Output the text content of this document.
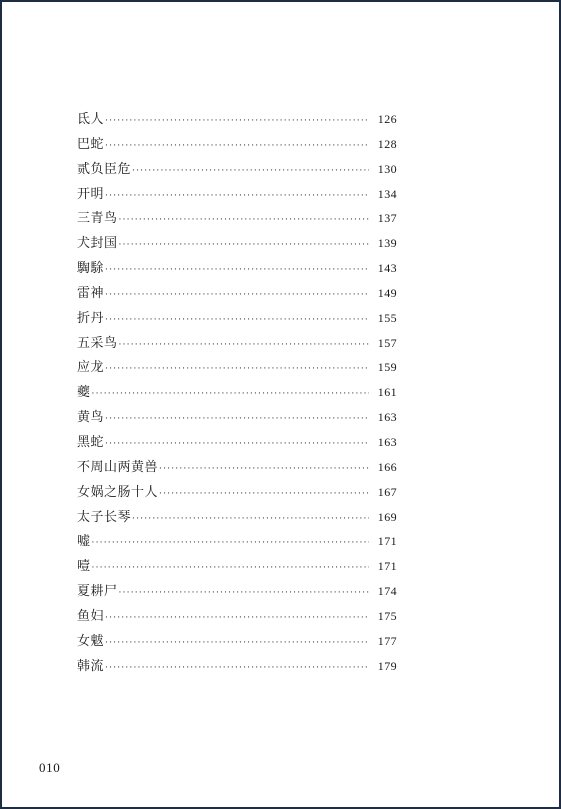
氐人 ·····	126
巴蛇 ·····	128
贰负臣危 ·····	130
开明 ·····	134
三青鸟 ·····	137
犬封国 ·····	139
騊駼 ·····	143
雷神 ·····	149
折丹 ·····	155
五采鸟 ·····	157
应龙 ·····	159
夔 ·····	161
黄鸟 ·····	163
黑蛇 ·····	163
不周山两黄兽 ·····	166
女娲之肠十人 ·····	167
太子长琴 ·····	169
嘘 ·····	171
噎 ·····	171
夏耕尸 ·····	174
鱼妇 ·····	175
女魃 ·····	177
韩流 ·····	179
010
